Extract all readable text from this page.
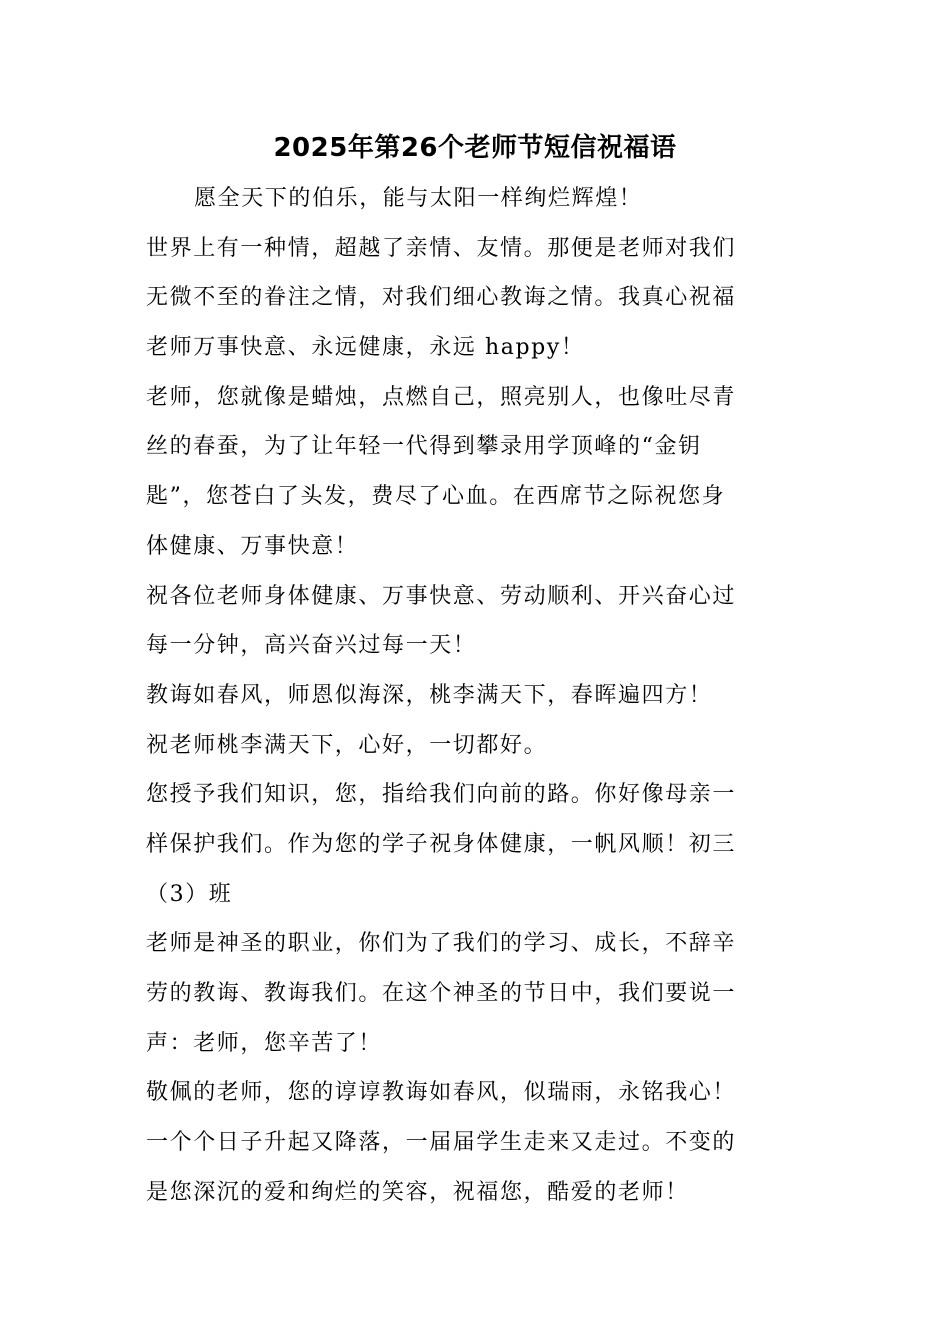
2025年第26个老师节短信祝福语
愿全天下的伯乐，能与太阳一样绚烂辉煌！
世界上有一种情，超越了亲情、友情。那便是老师对我们
无微不至的眷注之情，对我们细心教诲之情。我真心祝福
老师万事快意、永远健康，永远 happy！
老师，您就像是蜡烛，点燃自己，照亮别人，也像吐尽青
丝的春蚕，为了让年轻一代得到攀录用学顶峰的“金钥
匙”，您苍白了头发，费尽了心血。在西席节之际祝您身
体健康、万事快意！
祝各位老师身体健康、万事快意、劳动顺利、开兴奋心过
每一分钟，高兴奋兴过每一天！
教诲如春风，师恩似海深，桃李满天下，春晖遍四方！
祝老师桃李满天下，心好，一切都好。
您授予我们知识，您，指给我们向前的路。你好像母亲一
样保护我们。作为您的学子祝身体健康，一帆风顺！初三
（3）班
老师是神圣的职业，你们为了我们的学习、成长，不辞辛
劳的教诲、教诲我们。在这个神圣的节日中，我们要说一
声：老师，您辛苦了！
敬佩的老师，您的谆谆教诲如春风，似瑞雨，永铭我心！
一个个日子升起又降落，一届届学生走来又走过。不变的
是您深沉的爱和绚烂的笑容，祝福您，酷爱的老师！
